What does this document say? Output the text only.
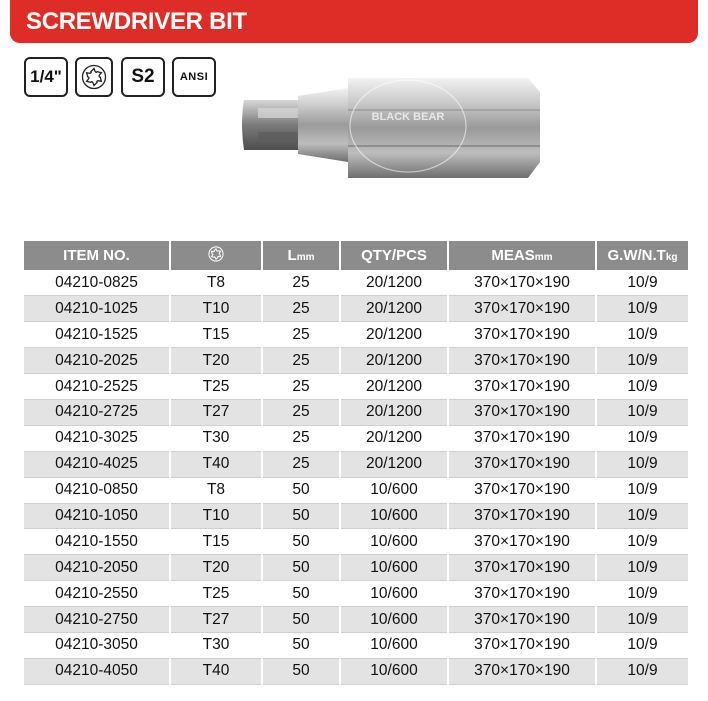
SCREWDRIVER BIT
1/4"	S2	ANSI
BLACK BEAR
ITEM NO.		Lmm	QTY/PCS	MEASmm	G.W/N.Tkg
04210-0825	T8	25	20/1200	370×170×190	10/9
04210-1025	T10	25	20/1200	370×170×190	10/9
04210-1525	T15	25	20/1200	370×170×190	10/9
04210-2025	T20	25	20/1200	370×170×190	10/9
04210-2525	T25	25	20/1200	370×170×190	10/9
04210-2725	T27	25	20/1200	370×170×190	10/9
04210-3025	T30	25	20/1200	370×170×190	10/9
04210-4025	T40	25	20/1200	370×170×190	10/9
04210-0850	T8	50	10/600	370×170×190	10/9
04210-1050	T10	50	10/600	370×170×190	10/9
04210-1550	T15	50	10/600	370×170×190	10/9
04210-2050	T20	50	10/600	370×170×190	10/9
04210-2550	T25	50	10/600	370×170×190	10/9
04210-2750	T27	50	10/600	370×170×190	10/9
04210-3050	T30	50	10/600	370×170×190	10/9
04210-4050	T40	50	10/600	370×170×190	10/9
